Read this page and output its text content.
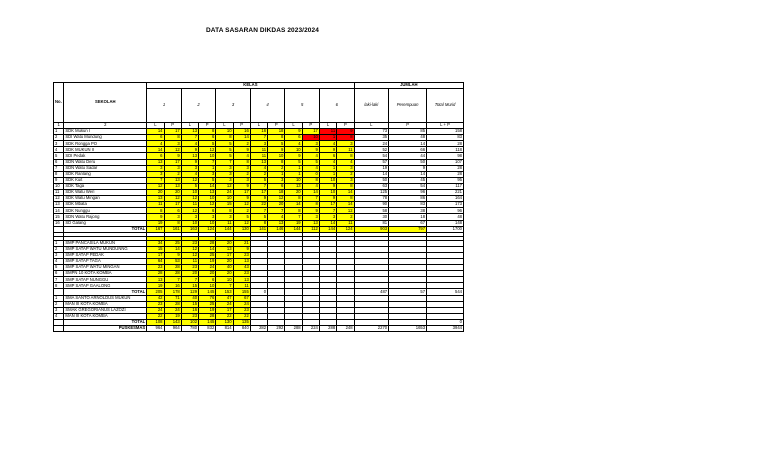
DATA SASARAN DIKDAS 2023/2024
No.	SEKOLAH	KELAS												JUMLAH		
		1		2		3		4		5		6		laki-laki	Perempuan	Total Murid
1	2	L	P	L	P	L	P	L	P	L	P	L	P	L	P	L + P
1	SDK Mukun I	14	17	13	8	10	16	16	18	9	17	11	9	73	85	158
2	SDI Watu Mundung	6	8	7	6	8	14	7	8	6	10	1	8	35	48	83
3	SDK Rongga PO	4	3	4	5	5	2	3	5	4	3	4	3	24	14	28
4	SDK MUKUN II	14	12	9	12	5	9	11	9	10	9	9	11	52	66	118
5	SDI Pedak	6	9	13	10	5	4	11	10	9	4	6	8	54	44	98
6	SDN Watu Deru	13	17	9	7	7	8	13	8	5	5	4	4	57	50	107
7	SDN Watu Sadar	3	3	3	1	3	3	4	2	1	4	1	3	19	9	28
8	SDK Ranlang	3	2	4	3	3	2	2	1	1	0	1	2	14	14	28
9	SDK Kuit	7	13	12	5	3	3	5	3	10	8	10	3	50	45	95
10	SDK Taga	12	13	5	14	12	9	7	6	13	4	9	8	63	54	117
11	SDK Watu Weri	20	20	10	13	24	17	17	18	20	14	10	14	125	96	221
12	SDK Watu Mingan	13	12	12	10	10	9	9	12	8	7	9	8	78	86	164
13	SDK Mbata	11	17	11	12	15	12	22	20	14	8	17	14	90	83	173
14	SDK Nunggu	8	6	12	6	8	2	7	7	8	9	7	12	58	38	96
15	SDN Watu Rajong	9	3	3	3	3	5	5	4	7	3	3	2	30	18	48
16	SD Galang	19	8	10	10	11	12	8	13	19	13	14	11	81	67	148
	TOTAL	167	161	163	124	144	130	141	146	144	112	144	124	903	797	1700

1	SMP PANCASILA MUKUN	34	25	23	28	20	21									
2	SMP SATAP WATU MUNDUNNG	15	14	12	14	13	9									
3	SMP SATAP PEDAK	17	9	12	25	17	23									
4	SMP SATAP TAGA	64	53	11	19	20	13									
5	SMP SATAP WATU MINGAN	23	28	23	24	40	43									
6	SMPN 10 KOTA KOMBA	28	28	20	20	20	23									
7	SMP SATAP NUNGGU	13	7	7	6	10	13									
8	SMP SATAP GAALONG	19	16	15	10	7	11									
	TOTAL	205	178	129	145	153	155	0						487	57	544
1	SMA SANTO ARNOLDUS MUKUN	42	71	40	76	47	67									
2	MAN III KOTA KOMBA	23	28	15	25	24	24									
3	SMAK GREGORIANUS LAZOZI	24	24	16	19	17	23									
4	MAN III KOTA KOMBA	22	19	23	28	22	22									
	TOTAL	108	143	102	145	130	135									0
	PUSKESMAS	964	964	780	832	814	840	282	292	288	224	288	248	2270	1653	3944
